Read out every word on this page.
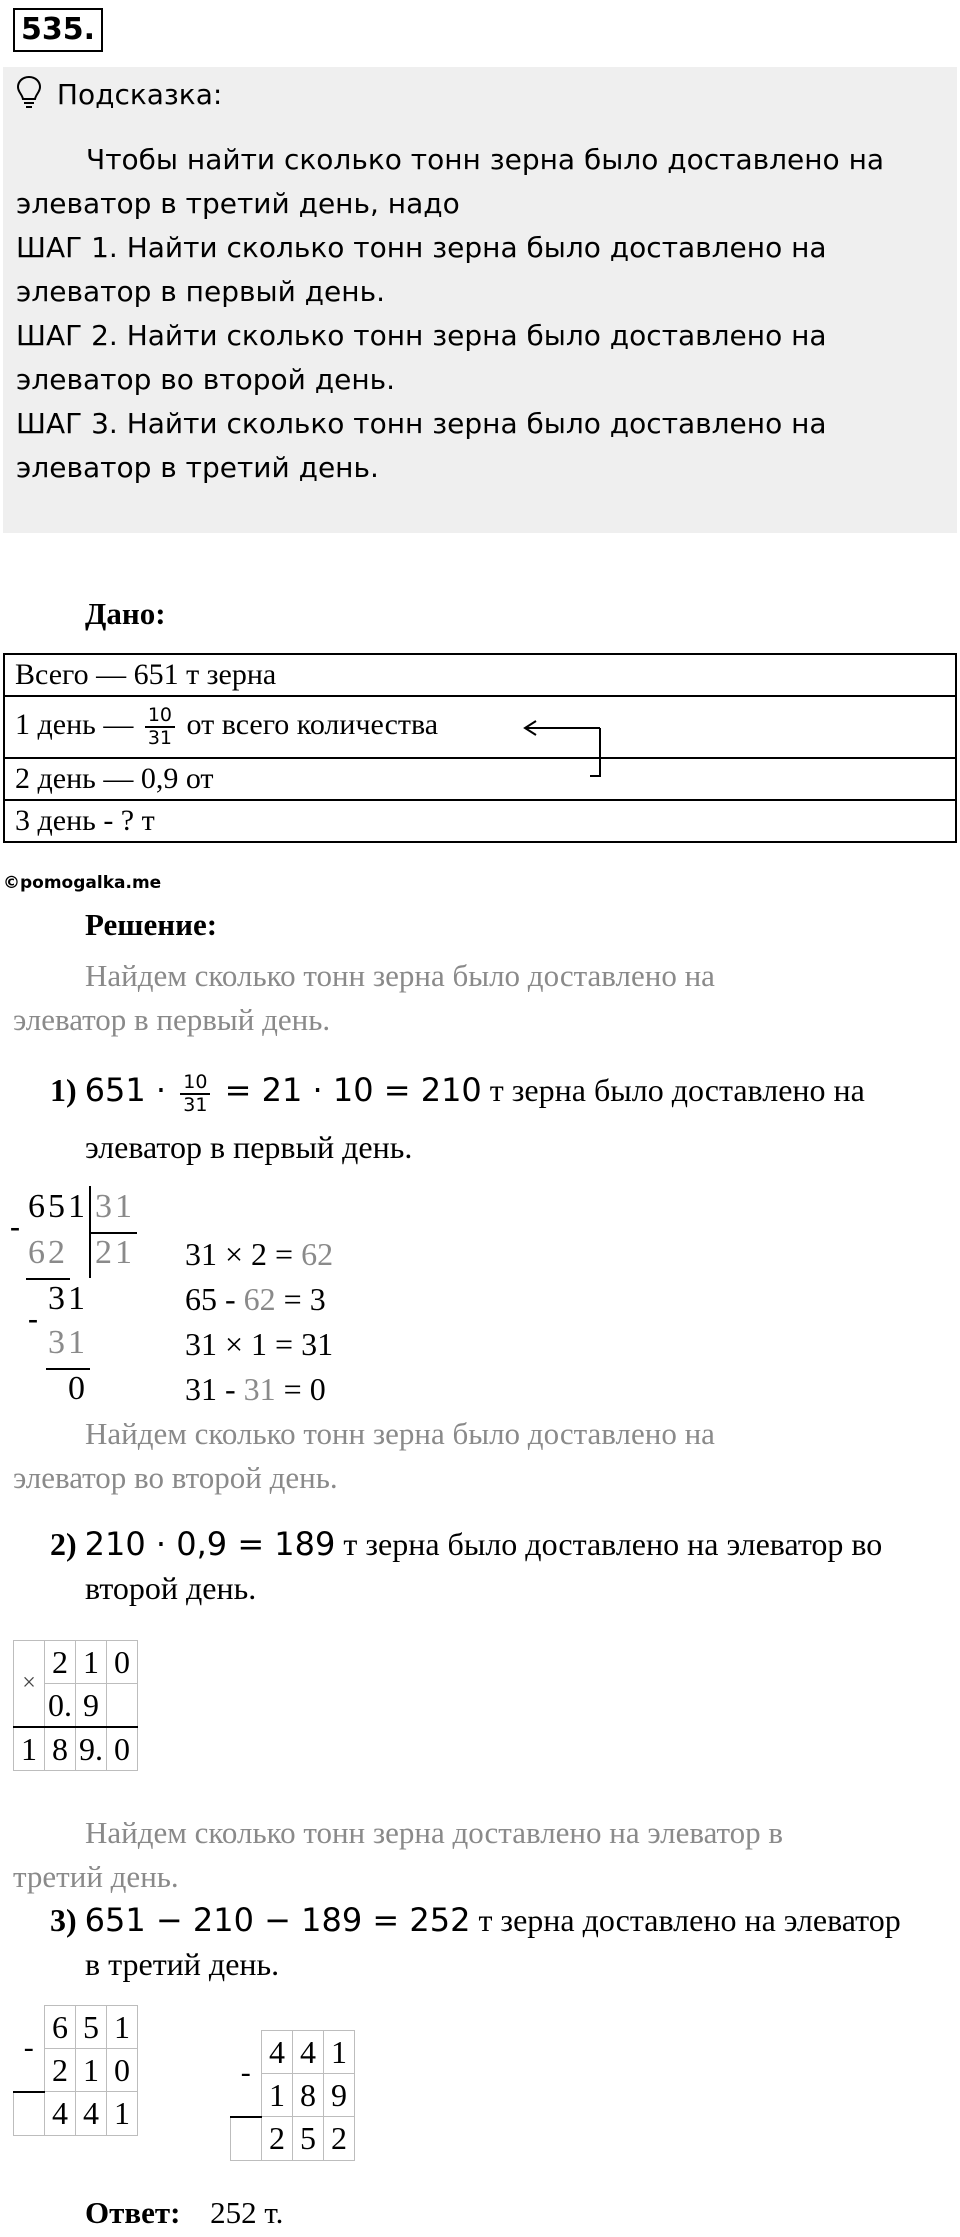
535.
Подсказка:
Чтобы найти сколько тонн зерна было доставлено на
элеватор в третий день, надо
ШАГ 1. Найти сколько тонн зерна было доставлено на
элеватор в первый день.
ШАГ 2. Найти сколько тонн зерна было доставлено на
элеватор во второй день.
ШАГ 3. Найти сколько тонн зерна было доставлено на
элеватор в третий день.
Дано:
Всего — 651 т зерна
1 день — $\frac{10}{31}$ от всего количества
2 день — 0,9 от
3 день - ? т
©pomogalka.me
Решение:
Найдем сколько тонн зерна было доставлено на
элеватор в первый день.
1) $651 \cdot \frac{10}{31} = 21 \cdot 10 = 210$ т зерна было доставлено на
элеватор в первый день.
-
651 31
21
62
31
-
31
0
31 × 2 = 62
65 - 62 = 3
31 × 1 = 31
31 - 31 = 0
Найдем сколько тонн зерна было доставлено на
элеватор во второй день.
2) 210 · 0,9 = 189 т зерна было доставлено на элеватор во
второй день.
×	2	1	0
	0.	9	
1	8	9.	0
Найдем сколько тонн зерна доставлено на элеватор в
третий день.
3) 651 − 210 − 189 = 252 т зерна доставлено на элеватор
в третий день.
-	6	5	1
	2	1	0
	4	4	1
-	4	4	1
	1	8	9
	2	5	2
Ответ: 252 т.
